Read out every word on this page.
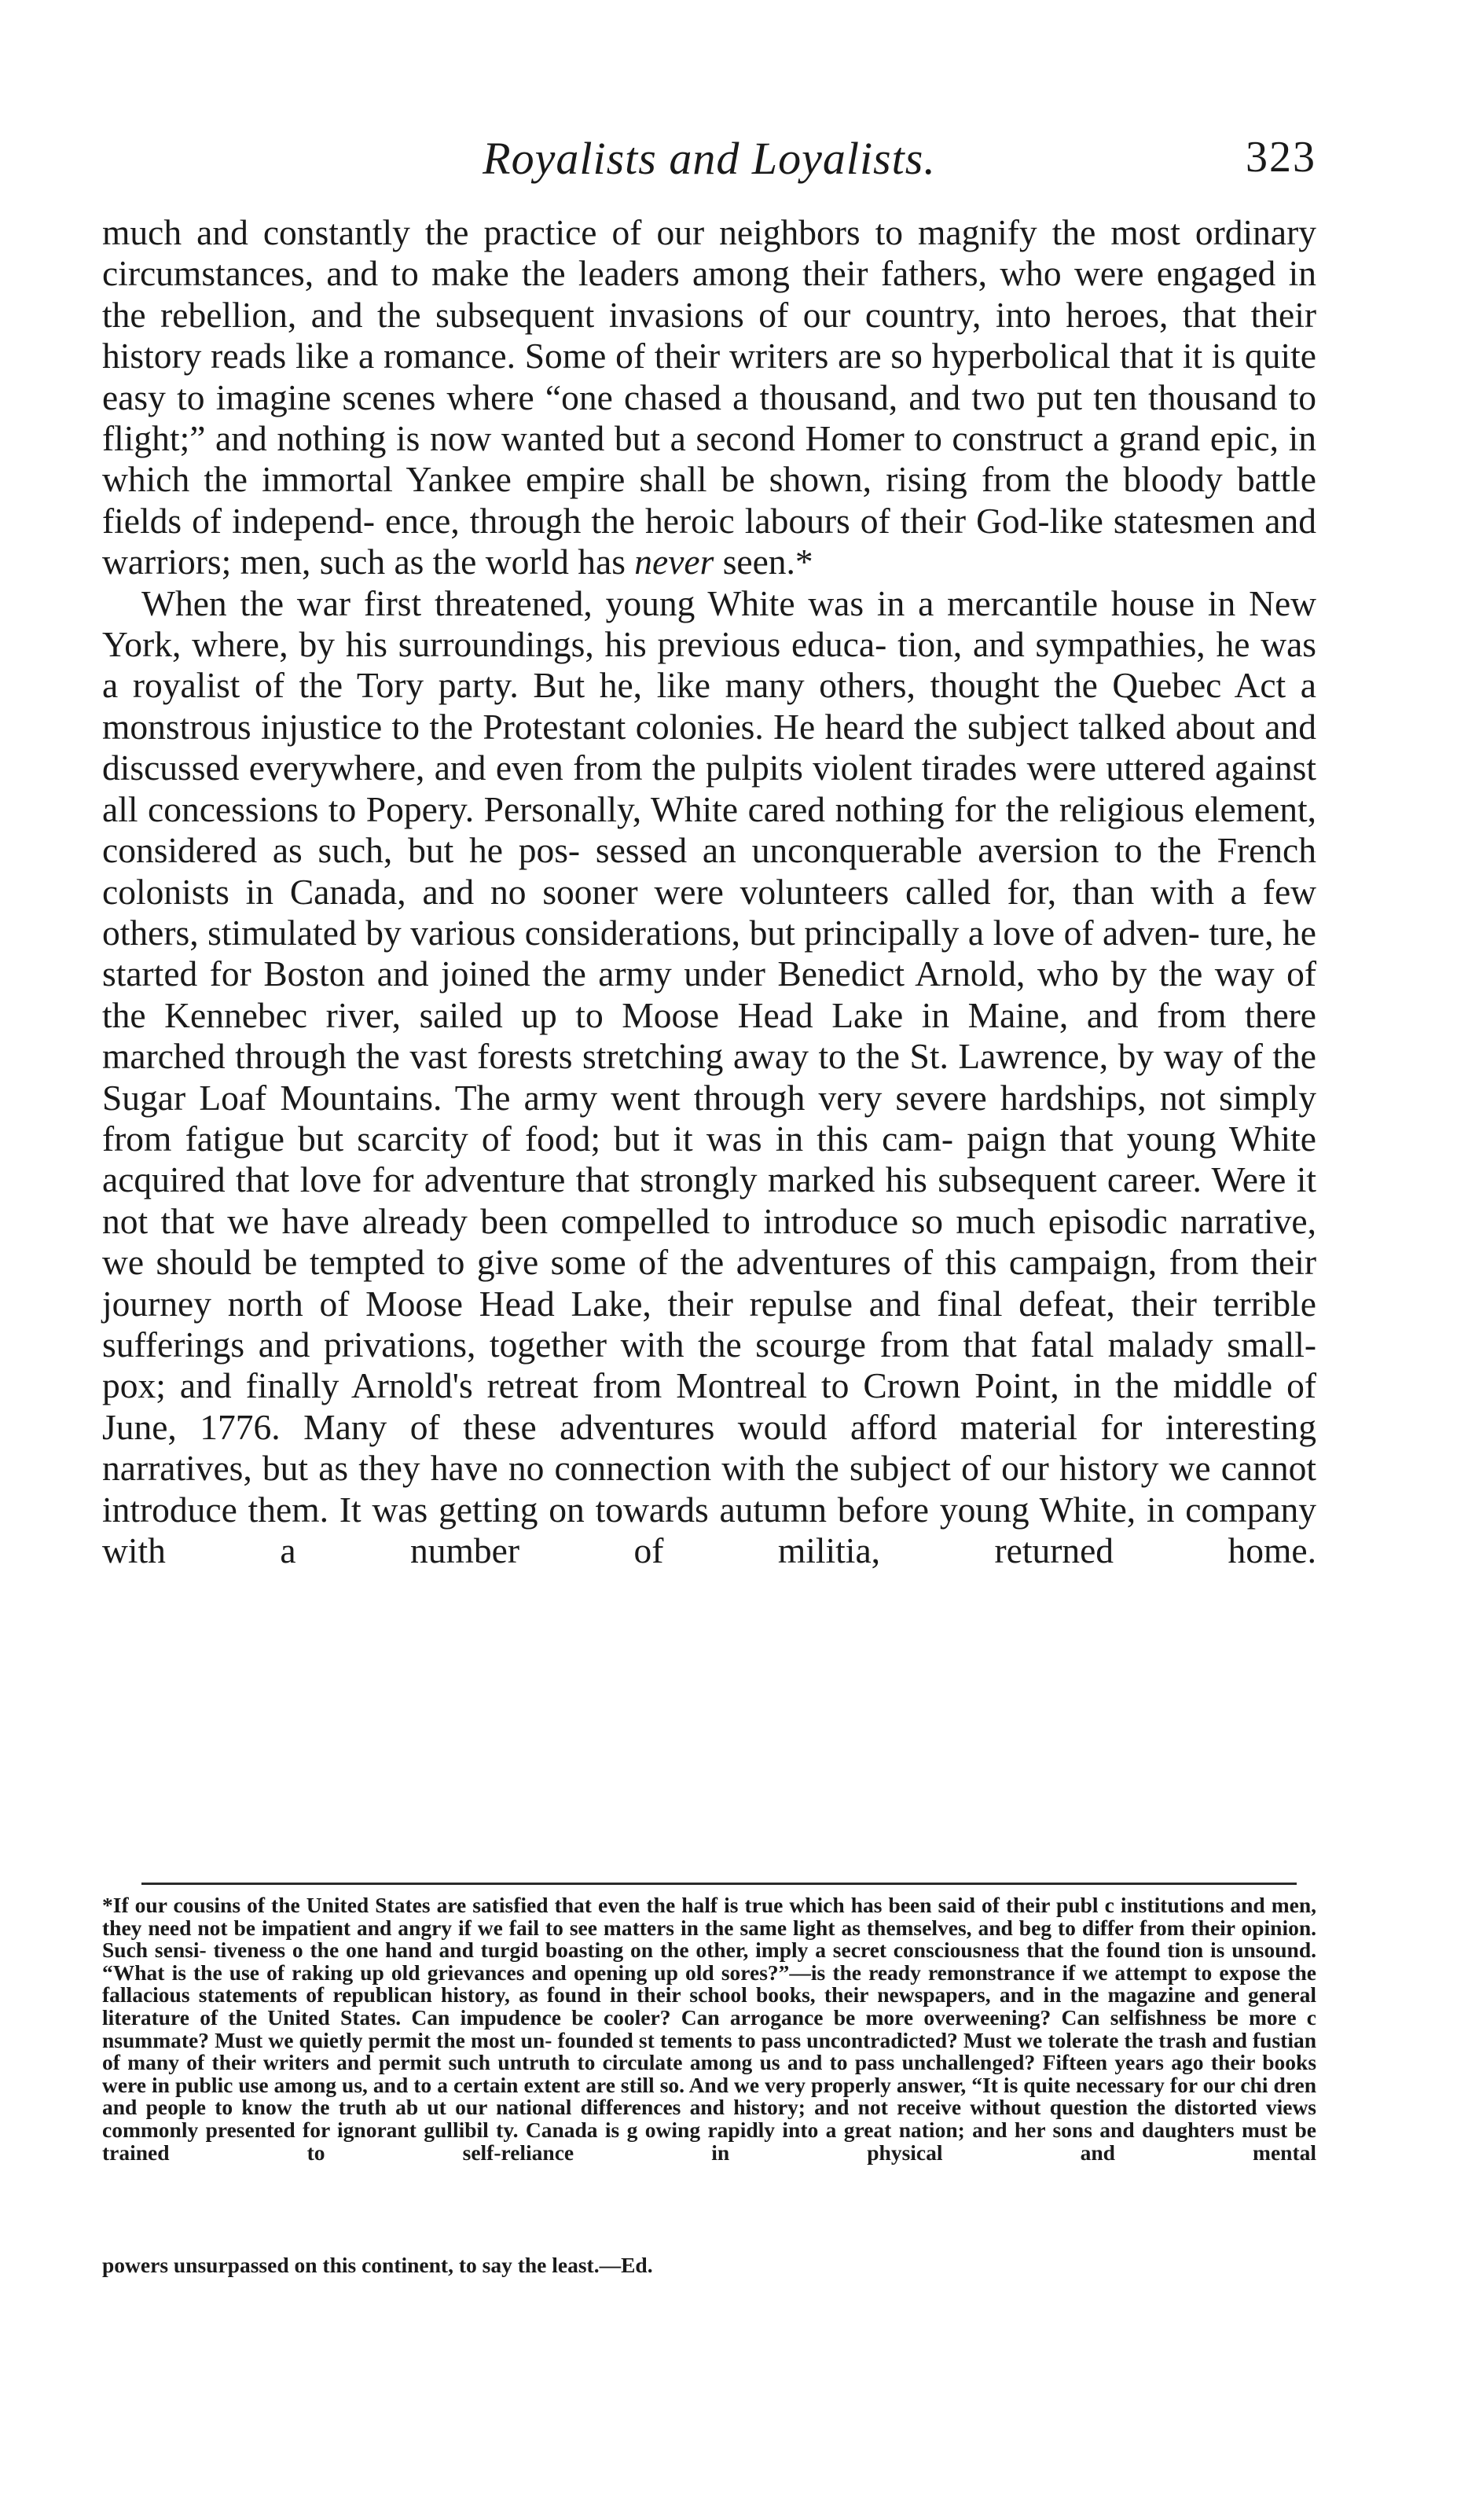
Royalists and Loyalists.	323

much and constantly the practice of our neighbors to magnify the most ordinary circumstances, and to make the leaders among their fathers, who were engaged in the rebellion, and the subsequent invasions of our country, into heroes, that their history reads like a romance. Some of their writers are so hyperbolical that it is quite easy to imagine scenes where “one chased a thousand, and two put ten thousand to flight;” and nothing is now wanted but a second Homer to construct a grand epic, in which the immortal Yankee empire shall be shown, rising from the bloody battle fields of independ- ence, through the heroic labours of their God-like statesmen and

warriors; men, such as the world has never seen.*

When the war first threatened, young White was in a mercantile house in New York, where, by his surroundings, his previous educa- tion, and sympathies, he was a royalist of the Tory party. But he, like many others, thought the Quebec Act a monstrous injustice to the Protestant colonies. He heard the subject talked about and discussed everywhere, and even from the pulpits violent tirades were uttered against all concessions to Popery. Personally, White cared nothing for the religious element, considered as such, but he pos- sessed an unconquerable aversion to the French colonists in Canada, and no sooner were volunteers called for, than with a few others, stimulated by various considerations, but principally a love of adven- ture, he started for Boston and joined the army under Benedict Arnold, who by the way of the Kennebec river, sailed up to Moose Head Lake in Maine, and from there marched through the vast forests stretching away to the St. Lawrence, by way of the Sugar Loaf Mountains. The army went through very severe hardships, not simply from fatigue but scarcity of food; but it was in this cam- paign that young White acquired that love for adventure that strongly marked his subsequent career. Were it not that we have already been compelled to introduce so much episodic narrative, we should be tempted to give some of the adventures of this campaign, from their journey north of Moose Head Lake, their repulse and final defeat, their terrible sufferings and privations, together with the scourge from that fatal malady small-pox; and finally Arnold's retreat from Montreal to Crown Point, in the middle of June, 1776. Many of these adventures would afford material for interesting narratives, but as they have no connection with the subject of our history we cannot introduce them. It was getting on towards autumn before young White, in company with a number of militia, returned home.

*If our cousins of the United States are satisfied that even the half is true which has been said of their publ c institutions and men, they need not be impatient and angry if we fail to see matters in the same light as themselves, and beg to differ from their opinion. Such sensi- tiveness o the one hand and turgid boasting on the other, imply a secret consciousness that the found tion is unsound. “What is the use of raking up old grievances and opening up old sores?”—is the ready remonstrance if we attempt to expose the fallacious statements of republican history, as found in their school books, their newspapers, and in the magazine and general literature of the United States. Can impudence be cooler? Can arrogance be more overweening? Can selfishness be more c nsummate? Must we quietly permit the most un- founded st tements to pass uncontradicted? Must we tolerate the trash and fustian of many of their writers and permit such untruth to circulate among us and to pass unchallenged? Fifteen years ago their books were in public use among us, and to a certain extent are still so. And we very properly answer, “It is quite necessary for our chi dren and people to know the truth ab ut our national differences and history; and not receive without question the distorted views commonly presented for ignorant gullibil ty. Canada is g owing rapidly into a great nation; and her sons and daughters must be trained to self-reliance in physical and mental
powers unsurpassed on this continent, to say the least.—Ed.
